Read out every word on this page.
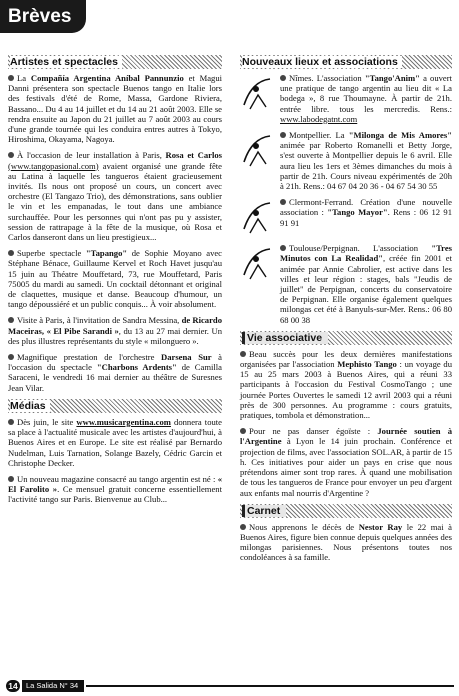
Brèves
Artistes et spectacles

La Compañía Argentina Aníbal Pannunzio et Magui Danni présentera son spectacle Buenos tango en Italie lors des festivals d'été de Rome, Massa, Gardone Riviera, Bassano... Du 4 au 14 juillet et du 14 au 21 août 2003. Elle se rendra ensuite au Japon du 21 juillet au 7 août 2003 au cours d'une grande tournée qui les conduira entres autres à Tokyo, Hiroshima, Okayama, Nagoya.

À l'occasion de leur installation à Paris, Rosa et Carlos (www.tangopasional.com) avaient organisé une grande fête au Latina à laquelle les tangueros étaient gracieusement invités. Ils nous ont proposé un cours, un concert avec orchestre (El Tangazo Trio), des démonstrations, sans oublier le vin et les empanadas, le tout dans une ambiance surchauffée. Pour les personnes qui n'ont pas pu y assister, session de rattrapage à la fête de la musique, où Rosa et Carlos danseront dans un lieu prestigieux...

Superbe spectacle "Tapango" de Sophie Moyano avec Stéphane Bénace, Guillaume Kervel et Roch Havet jusqu'au 15 juin au Théatre Mouffetard, 73, rue Mouffetard, Paris 75005 du mardi au samedi. Un cocktail détonnant et original de claquettes, musique et danse. Beaucoup d'humour, un tango dépoussiéré et un public conquis... À voir absolument.

Visite à Paris, à l'invitation de Sandra Messina, de Ricardo Maceiras, « El Pibe Sarandi », du 13 au 27 mai dernier. Un des plus illustres représentants du style « milonguero ».

Magnifique prestation de l'orchestre Darsena Sur à l'occasion du spectacle "Charbons Ardents" de Camilla Saraceni, le vendredi 16 mai dernier au théâtre de Suresnes Jean Vilar.

Médias

Dès juin, le site www.musicargentina.com donnera toute sa place à l'actualité musicale avec les artistes d'aujourd'hui, à Buenos Aires et en Europe. Le site est réalisé par Bernardo Nudelman, Luis Tarnation, Solange Bazely, Cédric Garcin et Christophe Decker.

Un nouveau magazine consacré au tango argentin est né : « El Farolito ». Ce mensuel gratuit concerne essentiellement l'activité tango sur Paris. Bienvenue au Club...

Nouveaux lieux et associations

Nîmes. L'association "Tango'Anim" a ouvert une pratique de tango argentin au lieu dit « La bodega », 8 rue Thoumayne. À partir de 21h. entrée libre. tous les mercredis. Rens.: www.labodegatnt.com

Montpellier. La "Milonga de Mis Amores" animée par Roberto Romanelli et Betty Jorge, s'est ouverte à Montpellier depuis le 6 avril. Elle aura lieu les 1ers et 3èmes dimanches du mois à partir de 21h. Cours niveau expérimentés de 20h à 21h. Rens.: 04 67 04 20 36 - 04 67 54 30 55

Clermont-Ferrand. Création d'une nouvelle association : "Tango Mayor". Rens : 06 12 91 91 91

Toulouse/Perpignan. L'association "Tres Minutos con La Realidad", créée fin 2001 et animée par Annie Cabrolier, est active dans les villes et leur région : stages, bals "Jeudis de juillet" de Perpignan, concerts du conservatoire de Perpignan. Elle organise également quelques milongas cet été à Banyuls-sur-Mer. Rens.: 06 80 68 00 38

Vie associative

Beau succès pour les deux dernières manifestations organisées par l'association Mephisto Tango : un voyage du 15 au 25 mars 2003 à Buenos Aires, qui a réuni 33 participants à l'occasion du Festival CosmoTango ; une journée Portes Ouvertes le samedi 12 avril 2003 qui a réuni près de 300 personnes. Au programme : cours gratuits, pratiques, tombola et démonstration...

Pour ne pas danser égoïste : Journée soutien à l'Argentine à Lyon le 14 juin prochain. Conférence et projection de films, avec l'association SOL.AR, à partir de 15 h. Ces initiatives pour aider un pays en crise que nous prétendons aimer sont trop rares. À quand une mobilisation de tous les tangueros de France pour envoyer un peu d'argent aux enfants mal nourris d'Argentine ?

Carnet

Nous apprenons le décès de Nestor Ray le 22 mai à Buenos Aires, figure bien connue depuis quelques années des milongas parisiennes. Nous présentons toutes nos condoléances à sa famille.

14	La Salida N° 34
